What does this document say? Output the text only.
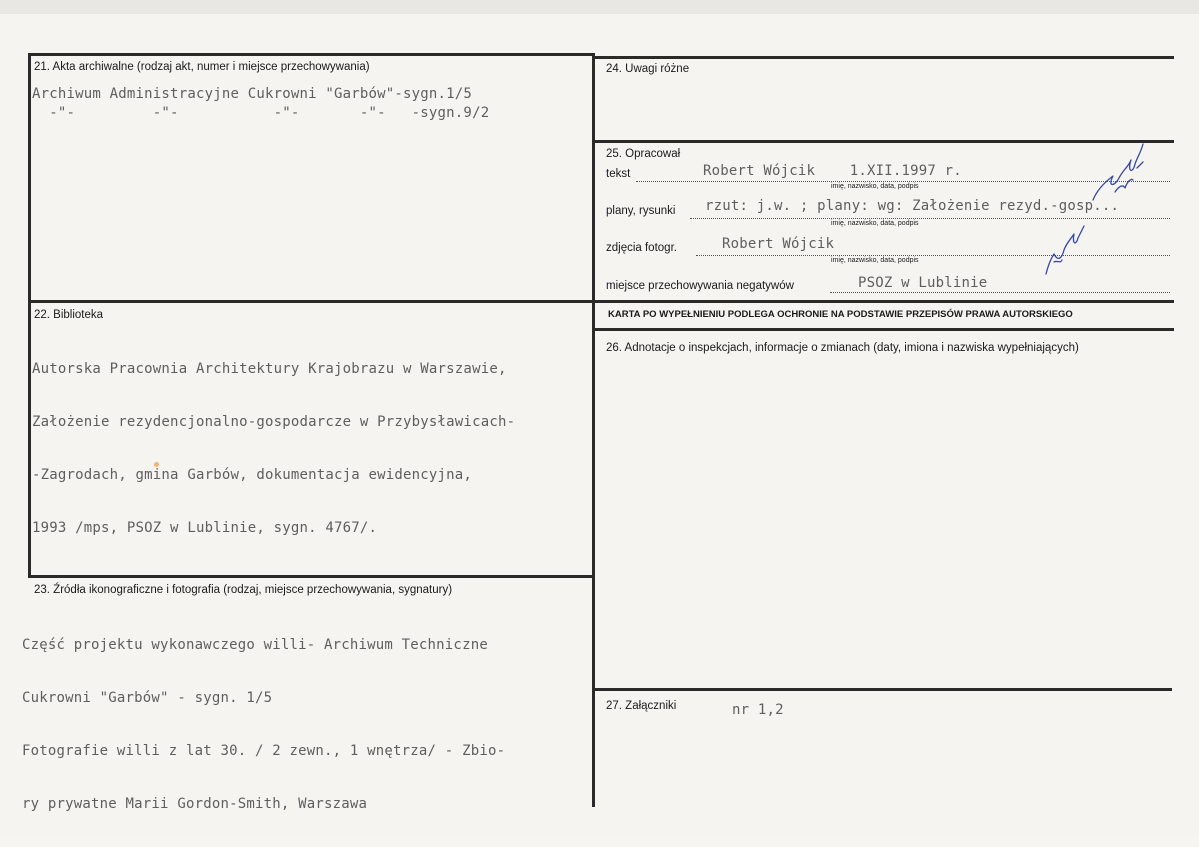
21. Akta archiwalne (rodzaj akt, numer i miejsce przechowywania)
Archiwum Administracyjne Cukrowni "Garbów"-sygn.1/5
-"-         -"-           -"-       -"-   -sygn.9/2
22. Biblioteka

Autorska Pracownia Architektury Krajobrazu w Warszawie,

Założenie rezydencjonalno-gospodarcze w Przybysławicach-

-Zagrodach, gmina Garbów, dokumentacja ewidencyjna,

1993 /mps, PSOZ w Lublinie, sygn. 4767/.

23. Źródła ikonograficzne i fotografia (rodzaj, miejsce przechowywania, sygnatury)

Część projektu wykonawczego willi- Archiwum Techniczne

Cukrowni "Garbów" - sygn. 1/5

Fotografie willi z lat 30. / 2 zewn., 1 wnętrza/ - Zbio-

ry prywatne Marii Gordon-Smith, Warszawa

24. Uwagi różne
25. Opracował
tekst	Robert Wójcik    1.XII.1997 r.
imię, nazwisko, data, podpis
plany, rysunki rzut: j.w. ; plany: wg: Założenie rezyd.-gosp...
imię, nazwisko, data, podpis
zdjęcia fotogr.	Robert Wójcik
imię, nazwisko, data, podpis
miejsce przechowywania negatywów	PSOZ w Lublinie
KARTA PO WYPEŁNIENIU PODLEGA OCHRONIE NA PODSTAWIE PRZEPISÓW PRAWA AUTORSKIEGO
26. Adnotacje o inspekcjach, informacje o zmianach (daty, imiona i nazwiska wypełniających)
27. Załączniki	nr 1,2
